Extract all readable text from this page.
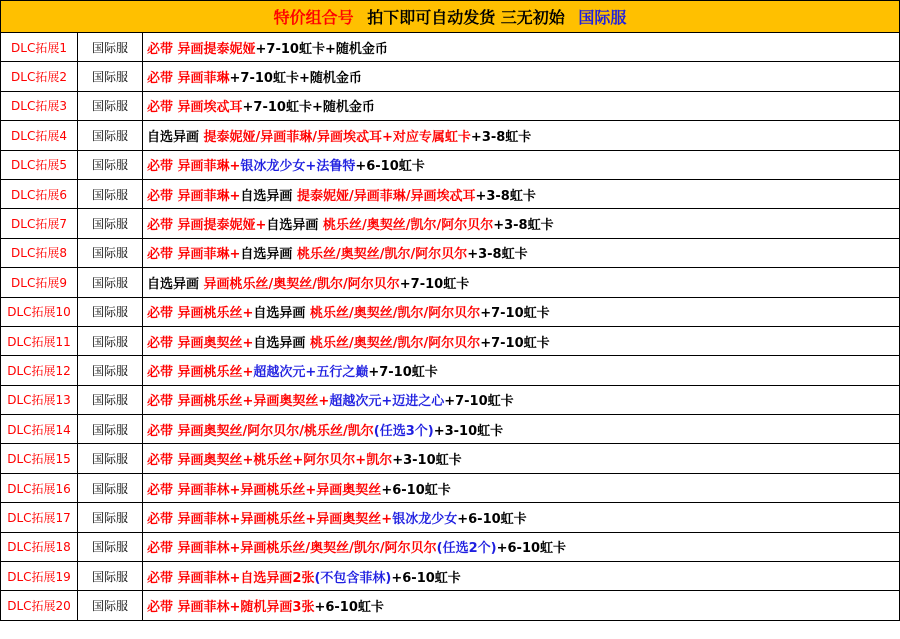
特价组合号 拍下即可自动发货 三无初始 国际服		
DLC拓展1	国际服	必带 异画提泰妮娅+7-10虹卡+随机金币
DLC拓展2	国际服	必带 异画菲琳+7-10虹卡+随机金币
DLC拓展3	国际服	必带 异画埃忒耳+7-10虹卡+随机金币
DLC拓展4	国际服	自选异画 提泰妮娅/异画菲琳/异画埃忒耳+对应专属虹卡+3-8虹卡
DLC拓展5	国际服	必带 异画菲琳+银冰龙少女+法鲁特+6-10虹卡
DLC拓展6	国际服	必带 异画菲琳+自选异画 提泰妮娅/异画菲琳/异画埃忒耳+3-8虹卡
DLC拓展7	国际服	必带 异画提泰妮娅+自选异画 桃乐丝/奥契丝/凯尔/阿尔贝尔+3-8虹卡
DLC拓展8	国际服	必带 异画菲琳+自选异画 桃乐丝/奥契丝/凯尔/阿尔贝尔+3-8虹卡
DLC拓展9	国际服	自选异画 异画桃乐丝/奥契丝/凯尔/阿尔贝尔+7-10虹卡
DLC拓展10	国际服	必带 异画桃乐丝+自选异画 桃乐丝/奥契丝/凯尔/阿尔贝尔+7-10虹卡
DLC拓展11	国际服	必带 异画奥契丝+自选异画 桃乐丝/奥契丝/凯尔/阿尔贝尔+7-10虹卡
DLC拓展12	国际服	必带 异画桃乐丝+超越次元+五行之巅+7-10虹卡
DLC拓展13	国际服	必带 异画桃乐丝+异画奥契丝+超越次元+迈进之心+7-10虹卡
DLC拓展14	国际服	必带 异画奥契丝/阿尔贝尔/桃乐丝/凯尔(任选3个)+3-10虹卡
DLC拓展15	国际服	必带 异画奥契丝+桃乐丝+阿尔贝尔+凯尔+3-10虹卡
DLC拓展16	国际服	必带 异画菲林+异画桃乐丝+异画奥契丝+6-10虹卡
DLC拓展17	国际服	必带 异画菲林+异画桃乐丝+异画奥契丝+银冰龙少女+6-10虹卡
DLC拓展18	国际服	必带 异画菲林+异画桃乐丝/奥契丝/凯尔/阿尔贝尔(任选2个)+6-10虹卡
DLC拓展19	国际服	必带 异画菲林+自选异画2张(不包含菲林)+6-10虹卡
DLC拓展20	国际服	必带 异画菲林+随机异画3张+6-10虹卡
